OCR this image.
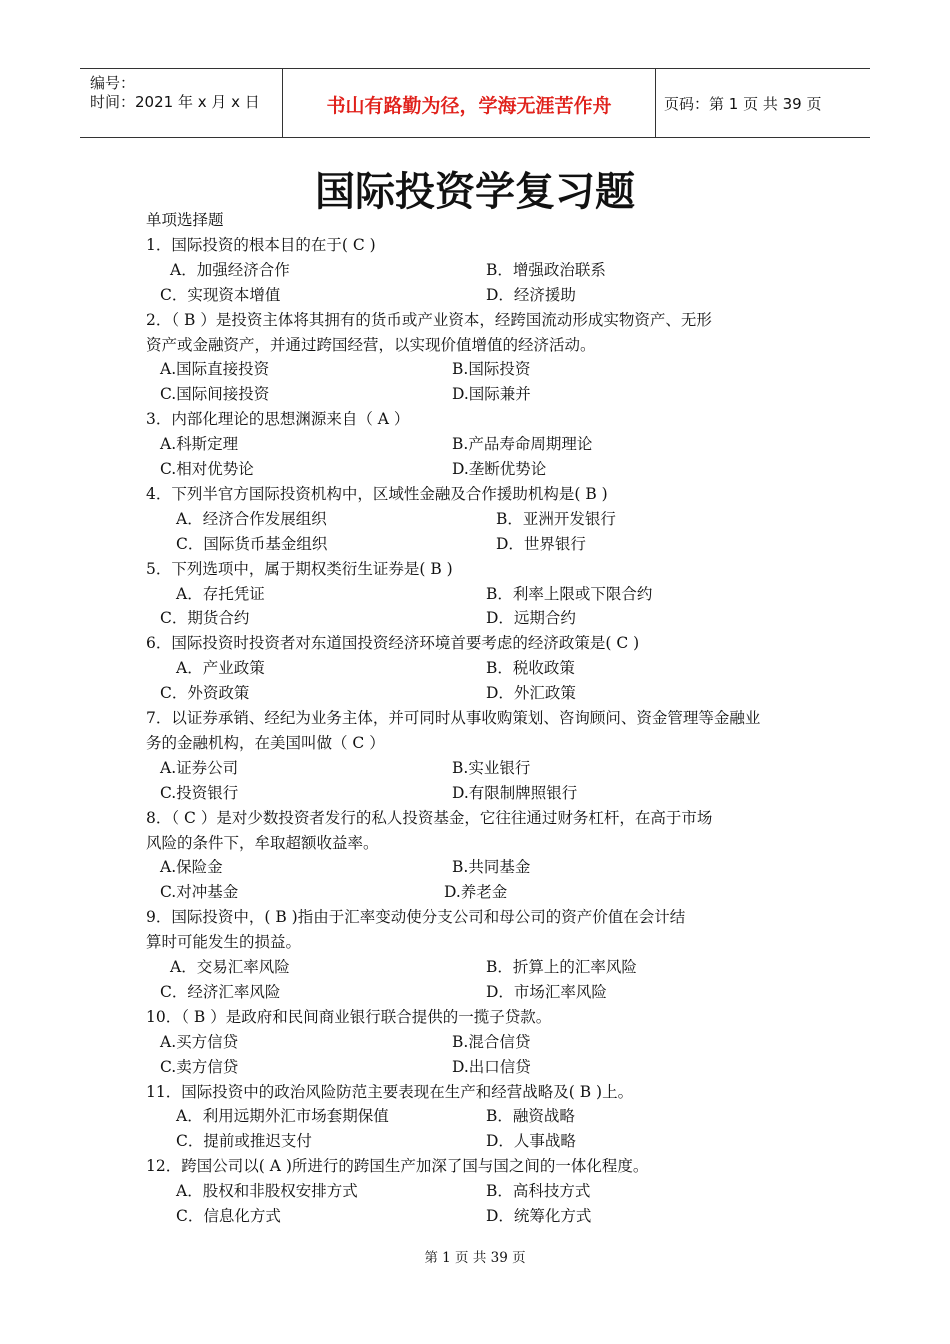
编号：
时间：2021 年 x 月 x 日	书山有路勤为径，学海无涯苦作舟	页码：第 1 页 共 39 页
国际投资学复习题
单项选择题
1．国际投资的根本目的在于( C )
A．加强经济合作	B．增强政治联系
C．实现资本增值	D．经济援助
2．（ B ）是投资主体将其拥有的货币或产业资本，经跨国流动形成实物资产、无形
资产或金融资产，并通过跨国经营，以实现价值增值的经济活动。
A.国际直接投资	B.国际投资
C.国际间接投资	D.国际兼并
3．内部化理论的思想渊源来自（ A ）
A.科斯定理	B.产品寿命周期理论
C.相对优势论	D.垄断优势论
4．下列半官方国际投资机构中，区域性金融及合作援助机构是( B )
A．经济合作发展组织	B．亚洲开发银行
C．国际货币基金组织	D．世界银行
5．下列选项中，属于期权类衍生证券是( B )
A．存托凭证	B．利率上限或下限合约
C．期货合约	D．远期合约
6．国际投资时投资者对东道国投资经济环境首要考虑的经济政策是( C )
A．产业政策	B．税收政策
C．外资政策	D．外汇政策
7．以证券承销、经纪为业务主体，并可同时从事收购策划、咨询顾问、资金管理等金融业
务的金融机构，在美国叫做（ C ）
A.证券公司	B.实业银行
C.投资银行	D.有限制牌照银行
8．（ C ）是对少数投资者发行的私人投资基金，它往往通过财务杠杆，在高于市场
风险的条件下，牟取超额收益率。
A.保险金	B.共同基金
C.对冲基金	D.养老金
9．国际投资中，( B )指由于汇率变动使分支公司和母公司的资产价值在会计结
算时可能发生的损益。
A．交易汇率风险	B．折算上的汇率风险
C．经济汇率风险	D．市场汇率风险
10．（ B ）是政府和民间商业银行联合提供的一揽子贷款。
A.买方信贷	B.混合信贷
C.卖方信贷	D.出口信贷
11．国际投资中的政治风险防范主要表现在生产和经营战略及( B )上。
A．利用远期外汇市场套期保值	B．融资战略
C．提前或推迟支付	D．人事战略
12．跨国公司以( A )所进行的跨国生产加深了国与国之间的一体化程度。
A．股权和非股权安排方式	B．高科技方式
C．信息化方式	D．统筹化方式
第 1 页 共 39 页
